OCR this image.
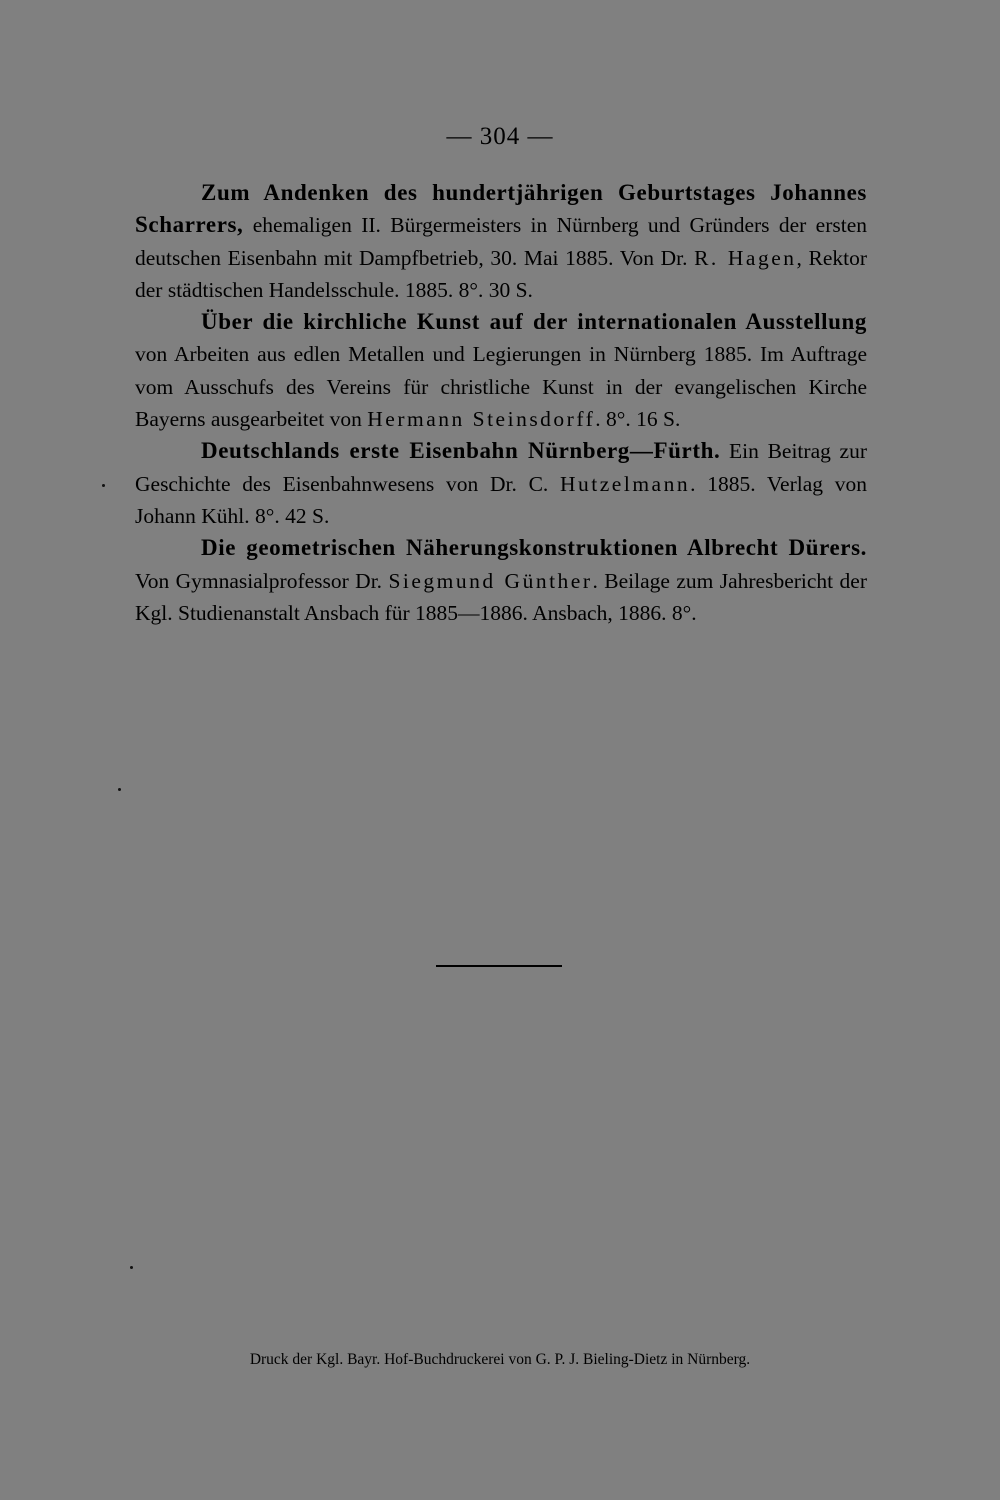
— 304 —

Zum Andenken des hundertjährigen Geburtstages Johannes Scharrers, ehemaligen II. Bürgermeisters in Nürnberg und Gründers der ersten deutschen Eisenbahn mit Dampfbetrieb, 30. Mai 1885. Von Dr. R. Hagen, Rektor der städtischen Handelsschule. 1885. 8°. 30 S.

Über die kirchliche Kunst auf der internationalen Ausstellung von Arbeiten aus edlen Metallen und Legierungen in Nürnberg 1885. Im Auftrage vom Ausschufs des Vereins für christliche Kunst in der evangelischen Kirche Bayerns ausgearbeitet von Hermann Steinsdorff. 8°. 16 S.

Deutschlands erste Eisenbahn Nürnberg—Fürth. Ein Beitrag zur Geschichte des Eisenbahnwesens von Dr. C. Hutzelmann. 1885. Verlag von Johann Kühl. 8°. 42 S.

Die geometrischen Näherungskonstruktionen Albrecht Dürers. Von Gymnasialprofessor Dr. Siegmund Günther. Beilage zum Jahresbericht der Kgl. Studienanstalt Ansbach für 1885—1886. Ansbach, 1886. 8°.

Druck der Kgl. Bayr. Hof-Buchdruckerei von G. P. J. Bieling-Dietz in Nürnberg.
